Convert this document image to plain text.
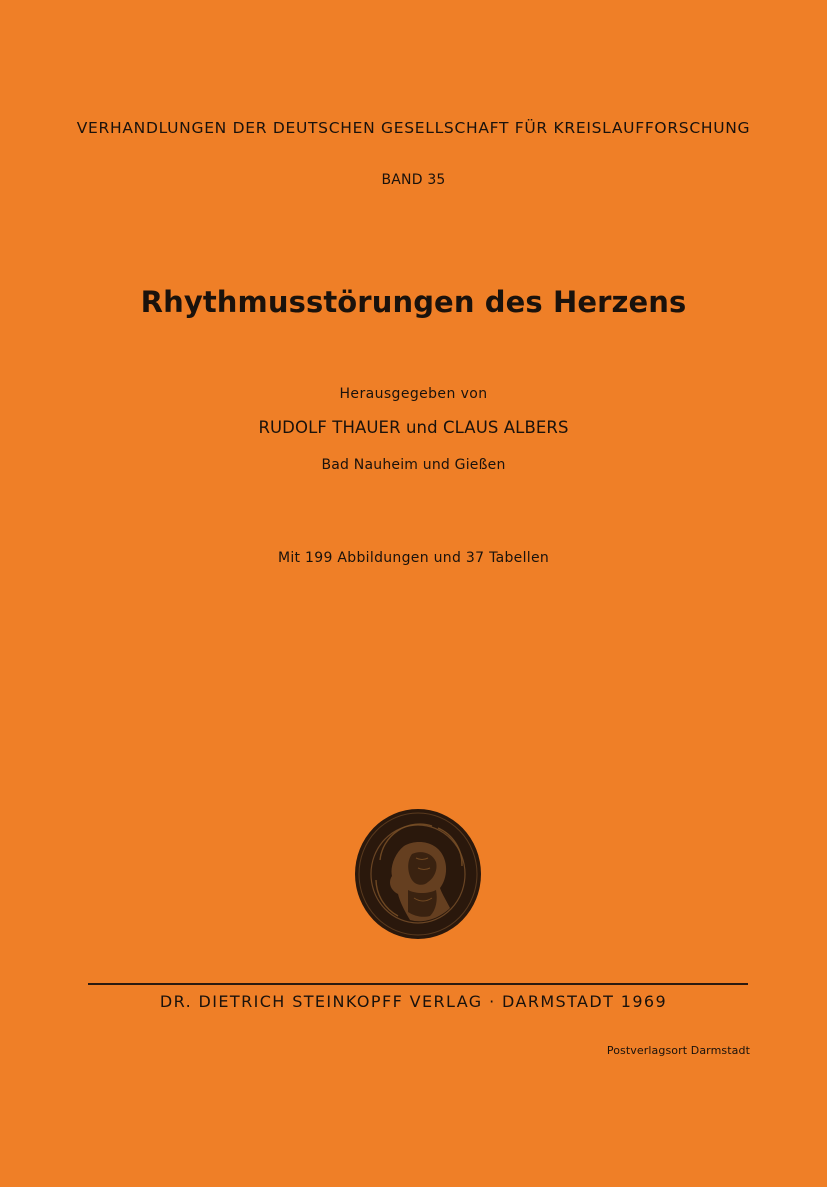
VERHANDLUNGEN DER DEUTSCHEN GESELLSCHAFT FÜR KREISLAUFFORSCHUNG
BAND 35
Rhythmusstörungen des Herzens
Herausgegeben von
RUDOLF THAUER und CLAUS ALBERS
Bad Nauheim und Gießen
Mit 199 Abbildungen und 37 Tabellen
DR. DIETRICH STEINKOPFF VERLAG · DARMSTADT 1969
Postverlagsort Darmstadt
